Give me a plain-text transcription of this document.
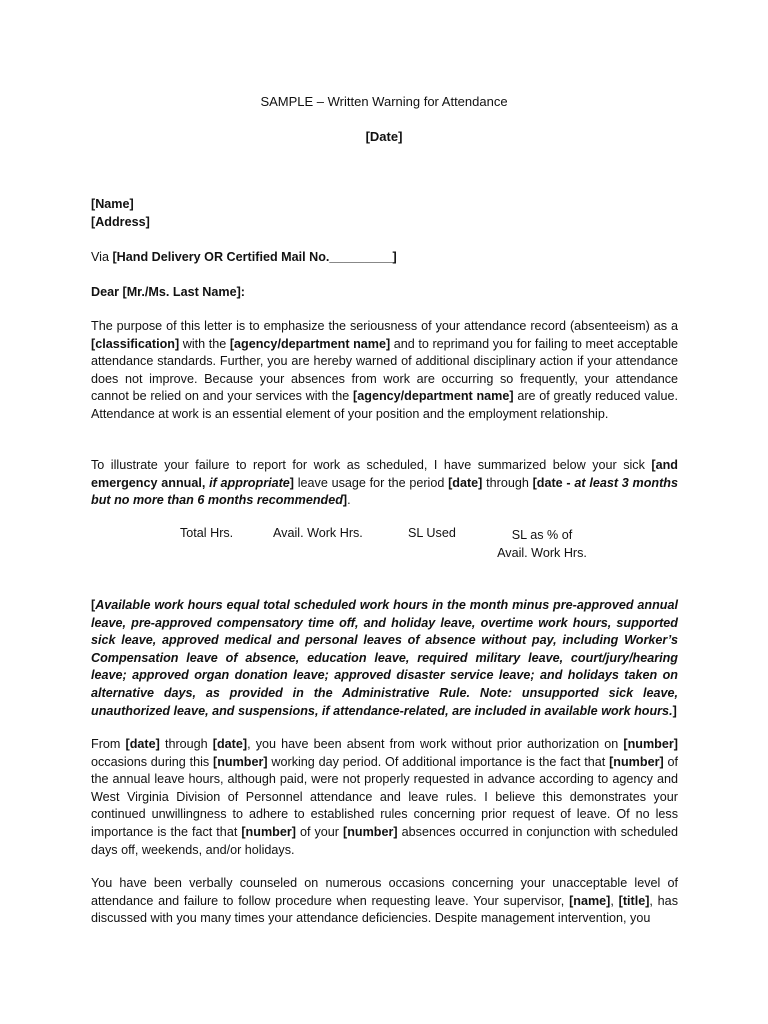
SAMPLE – Written Warning for Attendance
[Date]
[Name]
[Address]
Via [Hand Delivery OR Certified Mail No._________]
Dear [Mr./Ms. Last Name]:
The purpose of this letter is to emphasize the seriousness of your attendance record (absenteeism) as a [classification] with the [agency/department name] and to reprimand you for failing to meet acceptable attendance standards. Further, you are hereby warned of additional disciplinary action if your attendance does not improve. Because your absences from work are occurring so frequently, your attendance cannot be relied on and your services with the [agency/department name] are of greatly reduced value. Attendance at work is an essential element of your position and the employment relationship.
To illustrate your failure to report for work as scheduled, I have summarized below your sick [and emergency annual, if appropriate] leave usage for the period [date] through [date - at least 3 months but no more than 6 months recommended].
Total Hrs.	Avail. Work Hrs.	SL Used	SL as % of
Avail. Work Hrs.
[Available work hours equal total scheduled work hours in the month minus pre-approved annual leave, pre-approved compensatory time off, and holiday leave, overtime work hours, supported sick leave, approved medical and personal leaves of absence without pay, including Worker’s Compensation leave of absence, education leave, required military leave, court/jury/hearing leave; approved organ donation leave; approved disaster service leave; and holidays taken on alternative days, as provided in the Administrative Rule. Note: unsupported sick leave, unauthorized leave, and suspensions, if attendance-related, are included in available work hours.]
From [date] through [date], you have been absent from work without prior authorization on [number] occasions during this [number] working day period. Of additional importance is the fact that [number] of the annual leave hours, although paid, were not properly requested in advance according to agency and West Virginia Division of Personnel attendance and leave rules. I believe this demonstrates your continued unwillingness to adhere to established rules concerning prior request of leave. Of no less importance is the fact that [number] of your [number] absences occurred in conjunction with scheduled days off, weekends, and/or holidays.
You have been verbally counseled on numerous occasions concerning your unacceptable level of attendance and failure to follow procedure when requesting leave. Your supervisor, [name], [title], has discussed with you many times your attendance deficiencies. Despite management intervention, you
